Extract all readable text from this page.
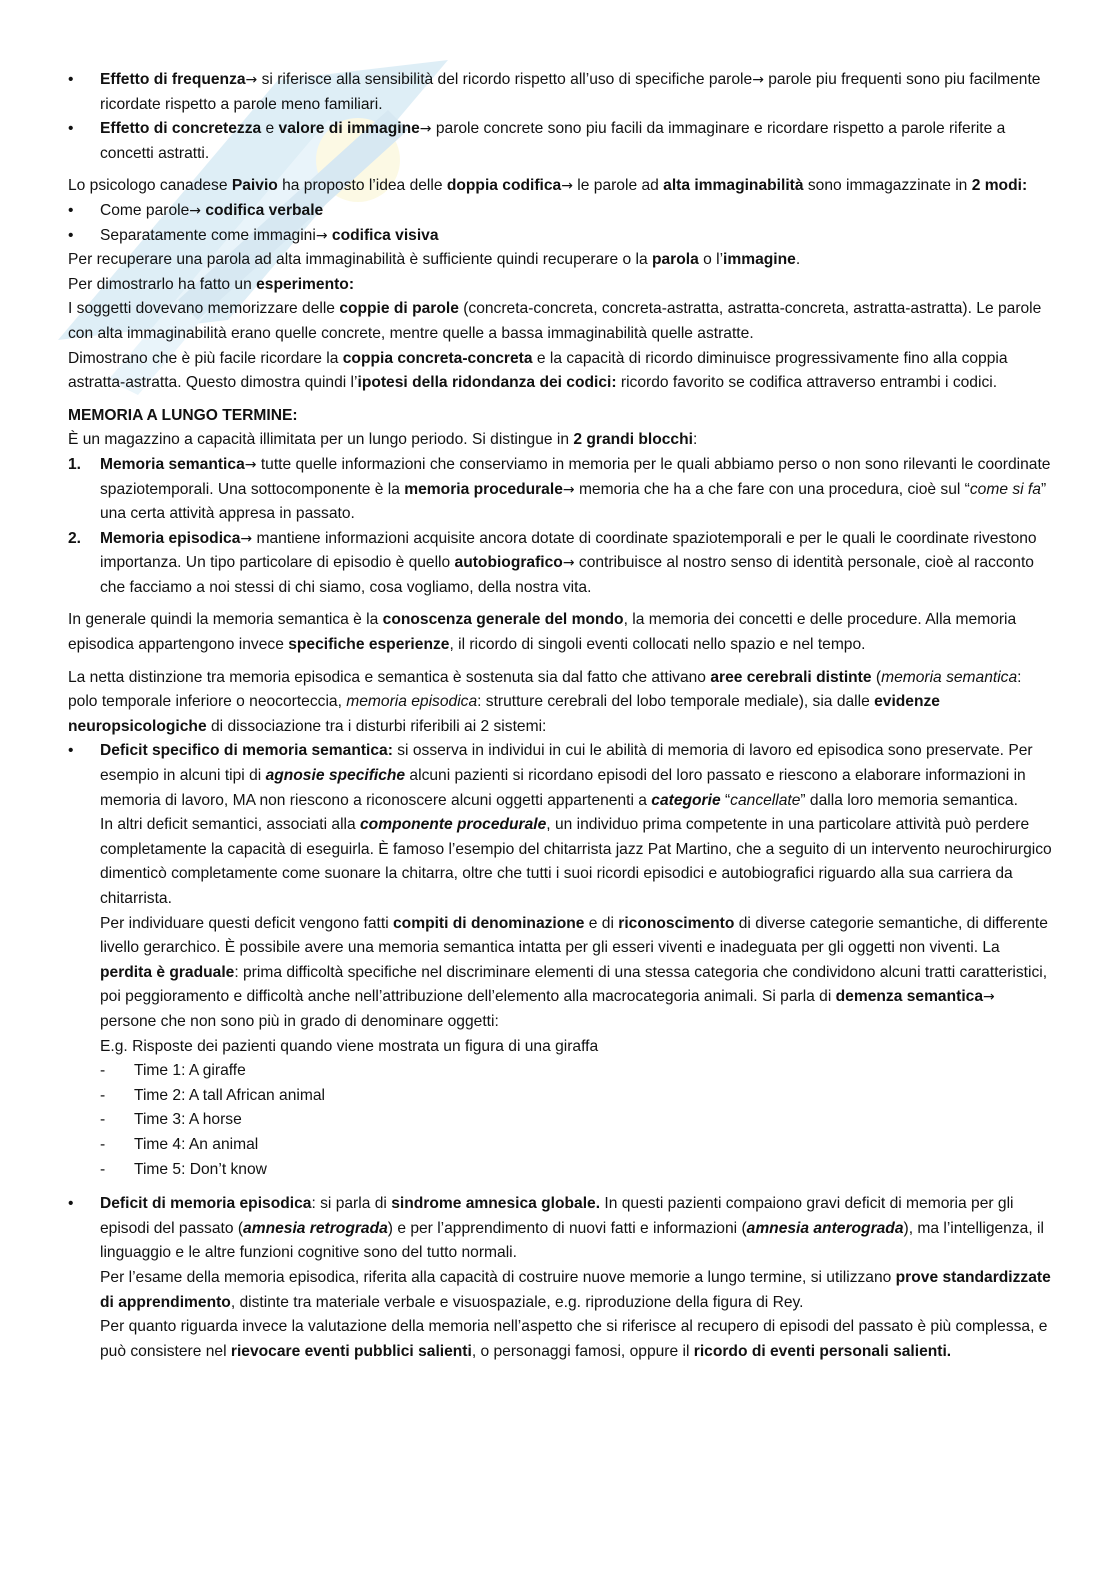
• Effetto di frequenza→ si riferisce alla sensibilità del ricordo rispetto all’uso di specifiche parole→ parole piu frequenti sono piu facilmente ricordate rispetto a parole meno familiari.
• Effetto di concretezza e valore di immagine→ parole concrete sono piu facili da immaginare e ricordare rispetto a parole riferite a concetti astratti.

Lo psicologo canadese Paivio ha proposto l’idea delle doppia codifica→ le parole ad alta immaginabilità sono immagazzinate in 2 modi:

• Come parole→ codifica verbale
• Separatamente come immagini→ codifica visiva

Per recuperare una parola ad alta immaginabilità è sufficiente quindi recuperare o la parola o l’immagine.

Per dimostrarlo ha fatto un esperimento:

I soggetti dovevano memorizzare delle coppie di parole (concreta-concreta, concreta-astratta, astratta-concreta, astratta-astratta). Le parole con alta immaginabilità erano quelle concrete, mentre quelle a bassa immaginabilità quelle astratte.
Dimostrano che è più facile ricordare la coppia concreta-concreta e la capacità di ricordo diminuisce progressivamente fino alla coppia astratta-astratta. Questo dimostra quindi l’ipotesi della ridondanza dei codici: ricordo favorito se codifica attraverso entrambi i codici.

MEMORIA A LUNGO TERMINE:

È un magazzino a capacità illimitata per un lungo periodo. Si distingue in 2 grandi blocchi:

1. Memoria semantica→ tutte quelle informazioni che conserviamo in memoria per le quali abbiamo perso o non sono rilevanti le coordinate spaziotemporali. Una sottocomponente è la memoria procedurale→ memoria che ha a che fare con una procedura, cioè sul “come si fa” una certa attività appresa in passato.
2. Memoria episodica→ mantiene informazioni acquisite ancora dotate di coordinate spaziotemporali e per le quali le coordinate rivestono importanza. Un tipo particolare di episodio è quello autobiografico→ contribuisce al nostro senso di identità personale, cioè al racconto che facciamo a noi stessi di chi siamo, cosa vogliamo, della nostra vita.

In generale quindi la memoria semantica è la conoscenza generale del mondo, la memoria dei concetti e delle procedure. Alla memoria episodica appartengono invece specifiche esperienze, il ricordo di singoli eventi collocati nello spazio e nel tempo.

La netta distinzione tra memoria episodica e semantica è sostenuta sia dal fatto che attivano aree cerebrali distinte (memoria semantica: polo temporale inferiore o neocorteccia, memoria episodica: strutture cerebrali del lobo temporale mediale), sia dalle evidenze neuropsicologiche di dissociazione tra i disturbi riferibili ai 2 sistemi:

• Deficit specifico di memoria semantica: si osserva in individui in cui le abilità di memoria di lavoro ed episodica sono preservate. Per esempio in alcuni tipi di agnosie specifiche alcuni pazienti si ricordano episodi del loro passato e riescono a elaborare informazioni in memoria di lavoro, MA non riescono a riconoscere alcuni oggetti appartenenti a categorie “cancellate” dalla loro memoria semantica.

In altri deficit semantici, associati alla componente procedurale, un individuo prima competente in una particolare attività può perdere completamente la capacità di eseguirla. È famoso l’esempio del chitarrista jazz Pat Martino, che a seguito di un intervento neurochirurgico dimenticò completamente come suonare la chitarra, oltre che tutti i suoi ricordi episodici e autobiografici riguardo alla sua carriera da chitarrista.

Per individuare questi deficit vengono fatti compiti di denominazione e di riconoscimento di diverse categorie semantiche, di differente livello gerarchico. È possibile avere una memoria semantica intatta per gli esseri viventi e inadeguata per gli oggetti non viventi. La perdita è graduale: prima difficoltà specifiche nel discriminare elementi di una stessa categoria che condividono alcuni tratti caratteristici, poi peggioramento e difficoltà anche nell’attribuzione dell’elemento alla macrocategoria animali. Si parla di demenza semantica→ persone che non sono più in grado di denominare oggetti:

E.g. Risposte dei pazienti quando viene mostrata un figura di una giraffa

- Time 1: A giraffe
- Time 2: A tall African animal
- Time 3: A horse
- Time 4: An animal
- Time 5: Don’t know

• Deficit di memoria episodica: si parla di sindrome amnesica globale. In questi pazienti compaiono gravi deficit di memoria per gli episodi del passato (amnesia retrograda) e per l’apprendimento di nuovi fatti e informazioni (amnesia anterograda), ma l’intelligenza, il linguaggio e le altre funzioni cognitive sono del tutto normali.

Per l’esame della memoria episodica, riferita alla capacità di costruire nuove memorie a lungo termine, si utilizzano prove standardizzate di apprendimento, distinte tra materiale verbale e visuospaziale, e.g. riproduzione della figura di Rey.

Per quanto riguarda invece la valutazione della memoria nell’aspetto che si riferisce al recupero di episodi del passato è più complessa, e può consistere nel rievocare eventi pubblici salienti, o personaggi famosi, oppure il ricordo di eventi personali salienti.
